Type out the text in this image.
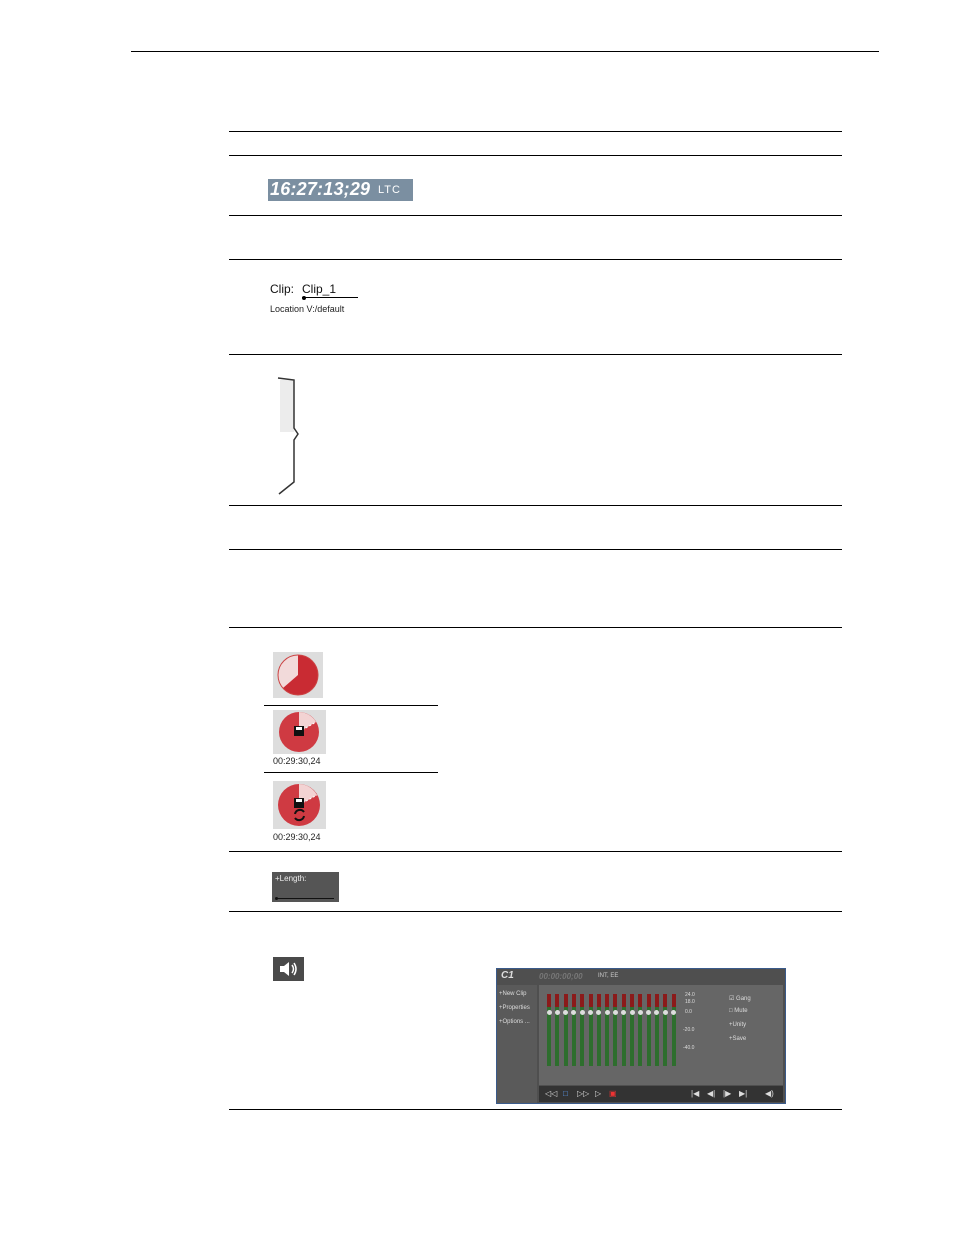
16:27:13;29 LTC
Clip: Clip_1
Location V:/default
00:29:30,24
00:29:30,24
+Length:
C1	00:00:00;00	INT, EE
+New Clip
+Properties
+Options ...
24.0
18.0
0.0
-20.0
-40.0
☑ Gang
□ Mute
+Unity
+Save
◁◁ □ ▷▷ ▷ ▣	|◀ ◀| |▶ ▶| ◀)
